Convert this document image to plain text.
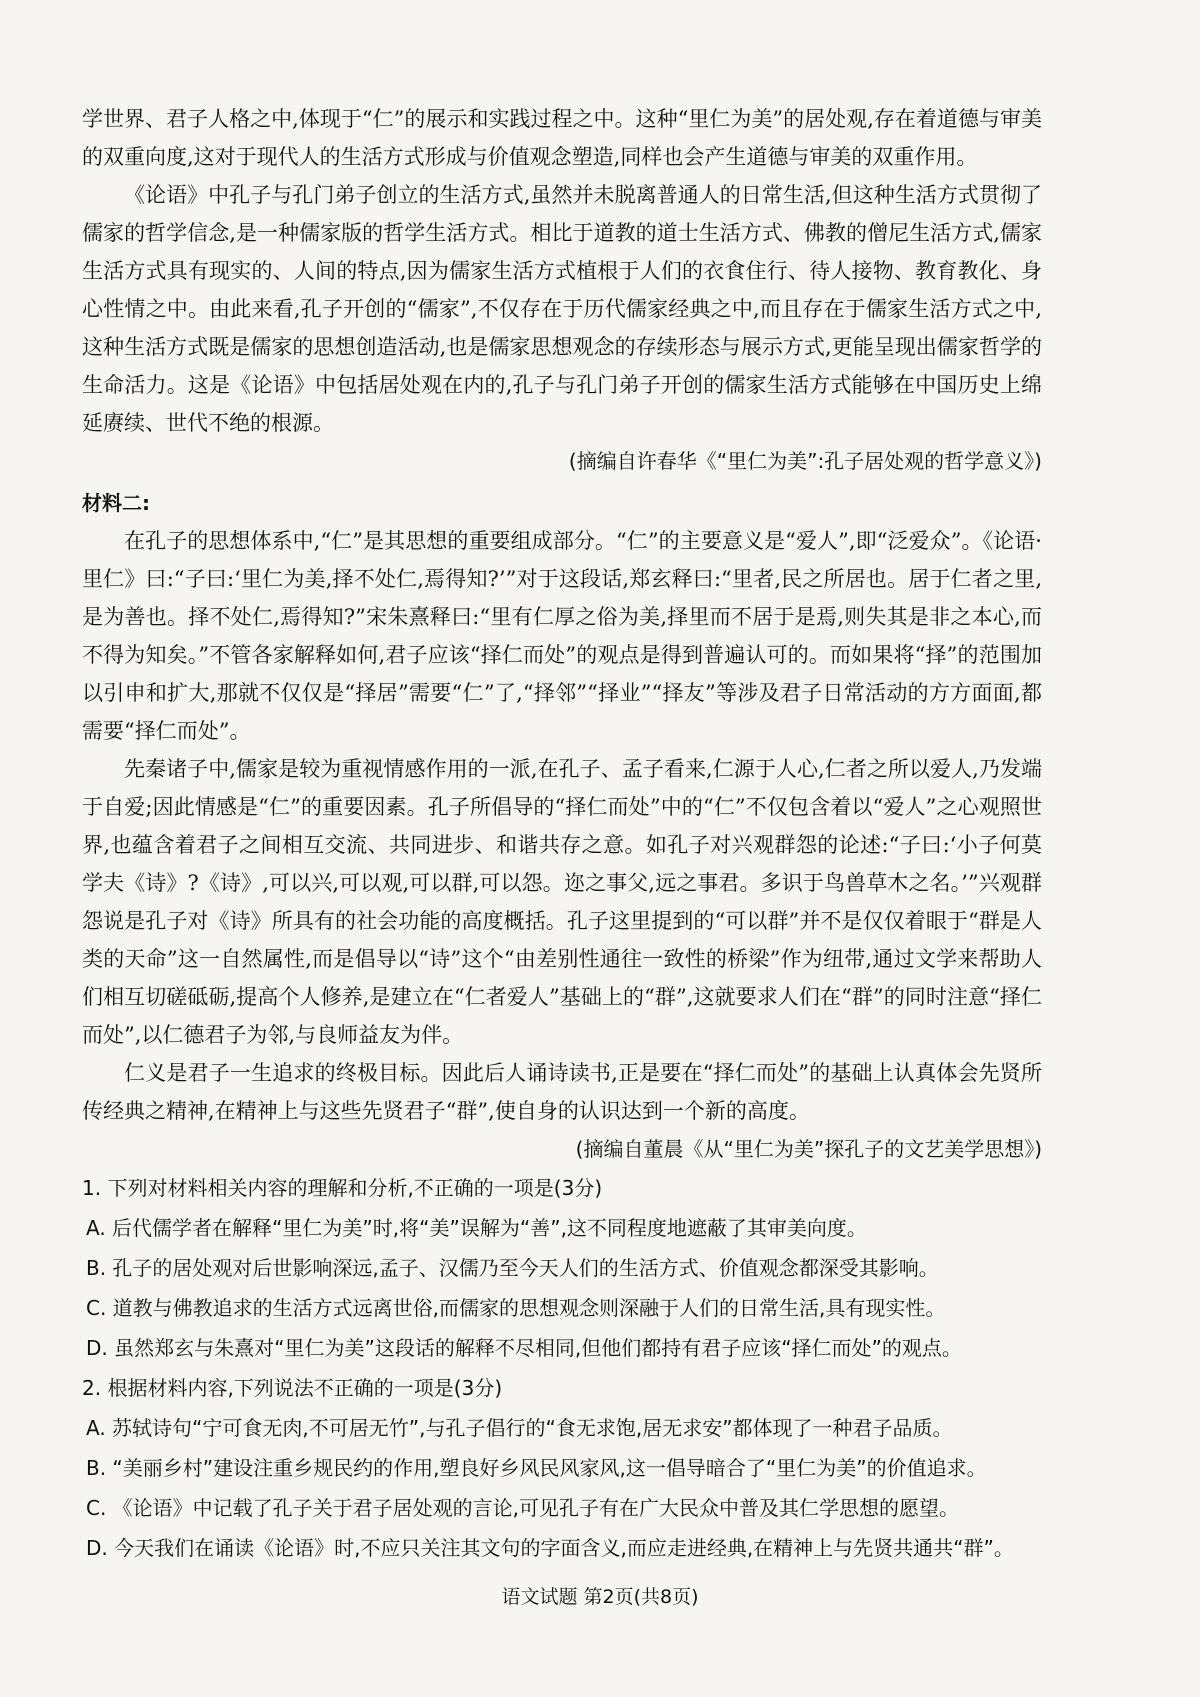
学世界、君子人格之中,体现于“仁”的展示和实践过程之中。这种“里仁为美”的居处观,存在着道德与审美的双重向度,这对于现代人的生活方式形成与价值观念塑造,同样也会产生道德与审美的双重作用。

《论语》中孔子与孔门弟子创立的生活方式,虽然并未脱离普通人的日常生活,但这种生活方式贯彻了儒家的哲学信念,是一种儒家版的哲学生活方式。相比于道教的道士生活方式、佛教的僧尼生活方式,儒家生活方式具有现实的、人间的特点,因为儒家生活方式植根于人们的衣食住行、待人接物、教育教化、身心性情之中。由此来看,孔子开创的“儒家”,不仅存在于历代儒家经典之中,而且存在于儒家生活方式之中,这种生活方式既是儒家的思想创造活动,也是儒家思想观念的存续形态与展示方式,更能呈现出儒家哲学的生命活力。这是《论语》中包括居处观在内的,孔子与孔门弟子开创的儒家生活方式能够在中国历史上绵延赓续、世代不绝的根源。

(摘编自许春华《“里仁为美”:孔子居处观的哲学意义》)

材料二:

在孔子的思想体系中,“仁”是其思想的重要组成部分。“仁”的主要意义是“爱人”,即“泛爱众”。《论语·里仁》曰:“子曰:‘里仁为美,择不处仁,焉得知?’”对于这段话,郑玄释曰:“里者,民之所居也。居于仁者之里,是为善也。择不处仁,焉得知?”宋朱熹释曰:“里有仁厚之俗为美,择里而不居于是焉,则失其是非之本心,而不得为知矣。”不管各家解释如何,君子应该“择仁而处”的观点是得到普遍认可的。而如果将“择”的范围加以引申和扩大,那就不仅仅是“择居”需要“仁”了,“择邻”“择业”“择友”等涉及君子日常活动的方方面面,都需要“择仁而处”。

先秦诸子中,儒家是较为重视情感作用的一派,在孔子、孟子看来,仁源于人心,仁者之所以爱人,乃发端于自爱;因此情感是“仁”的重要因素。孔子所倡导的“择仁而处”中的“仁”不仅包含着以“爱人”之心观照世界,也蕴含着君子之间相互交流、共同进步、和谐共存之意。如孔子对兴观群怨的论述:“子曰:‘小子何莫学夫《诗》?《诗》,可以兴,可以观,可以群,可以怨。迩之事父,远之事君。多识于鸟兽草木之名。’”兴观群怨说是孔子对《诗》所具有的社会功能的高度概括。孔子这里提到的“可以群”并不是仅仅着眼于“群是人类的天命”这一自然属性,而是倡导以“诗”这个“由差别性通往一致性的桥梁”作为纽带,通过文学来帮助人们相互切磋砥砺,提高个人修养,是建立在“仁者爱人”基础上的“群”,这就要求人们在“群”的同时注意“择仁而处”,以仁德君子为邻,与良师益友为伴。

仁义是君子一生追求的终极目标。因此后人诵诗读书,正是要在“择仁而处”的基础上认真体会先贤所传经典之精神,在精神上与这些先贤君子“群”,使自身的认识达到一个新的高度。

(摘编自董晨《从“里仁为美”探孔子的文艺美学思想》)

1. 下列对材料相关内容的理解和分析,不正确的一项是(3分)

A. 后代儒学者在解释“里仁为美”时,将“美”误解为“善”,这不同程度地遮蔽了其审美向度。

B. 孔子的居处观对后世影响深远,孟子、汉儒乃至今天人们的生活方式、价值观念都深受其影响。

C. 道教与佛教追求的生活方式远离世俗,而儒家的思想观念则深融于人们的日常生活,具有现实性。

D. 虽然郑玄与朱熹对“里仁为美”这段话的解释不尽相同,但他们都持有君子应该“择仁而处”的观点。

2. 根据材料内容,下列说法不正确的一项是(3分)

A. 苏轼诗句“宁可食无肉,不可居无竹”,与孔子倡行的“食无求饱,居无求安”都体现了一种君子品质。

B. “美丽乡村”建设注重乡规民约的作用,塑良好乡风民风家风,这一倡导暗合了“里仁为美”的价值追求。

C. 《论语》中记载了孔子关于君子居处观的言论,可见孔子有在广大民众中普及其仁学思想的愿望。

D. 今天我们在诵读《论语》时,不应只关注其文句的字面含义,而应走进经典,在精神上与先贤共通共“群”。

语文试题 第2页(共8页)
